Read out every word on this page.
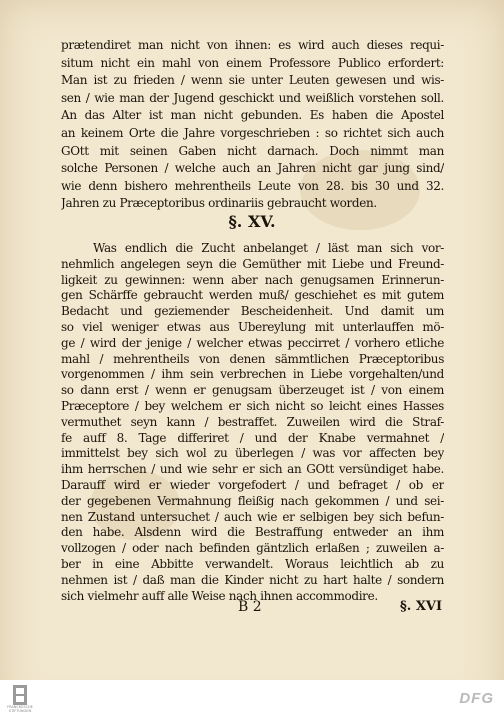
§. XV.
B 2	§. XVI
prætendiret man nicht von ihnen: es wird auch dieses requi-
situm nicht ein mahl von einem Professore Publico erfordert:
Man ist zu frieden / wenn sie unter Leuten gewesen und wis-
sen / wie man der Jugend geschickt und weißlich vorstehen soll.
An das Alter ist man nicht gebunden. Es haben die Apostel
an keinem Orte die Jahre vorgeschrieben : so richtet sich auch
GOtt mit seinen Gaben nicht darnach. Doch nimmt man
solche Personen / welche auch an Jahren nicht gar jung sind/
wie denn bishero mehrentheils Leute von 28. bis 30 und 32.
Jahren zu Præceptoribus ordinariis gebraucht worden.
Was endlich die Zucht anbelanget / läst man sich vor-
nehmlich angelegen seyn die Gemüther mit Liebe und Freund-
ligkeit zu gewinnen: wenn aber nach genugsamen Erinnerun-
gen Schärffe gebraucht werden muß/ geschiehet es mit gutem
Bedacht und geziemender Bescheidenheit. Und damit um
so viel weniger etwas aus Ubereylung mit unterlauffen mö-
ge / wird der jenige / welcher etwas peccirret / vorhero etliche
mahl / mehrentheils von denen sämmtlichen Præceptoribus
vorgenommen / ihm sein verbrechen in Liebe vorgehalten/und
so dann erst / wenn er genugsam überzeuget ist / von einem
Præceptore / bey welchem er sich nicht so leicht eines Hasses
vermuthet seyn kann / bestraffet. Zuweilen wird die Straf-
fe auff 8. Tage differiret / und der Knabe vermahnet /
immittelst bey sich wol zu überlegen / was vor affecten bey
ihm herrschen / und wie sehr er sich an GOtt versündiget habe.
Darauff wird er wieder vorgefodert / und befraget / ob er
der gegebenen Vermahnung fleißig nach gekommen / und sei-
nen Zustand untersuchet / auch wie er selbigen bey sich befun-
den habe. Alsdenn wird die Bestraffung entweder an ihm
vollzogen / oder nach befinden gäntzlich erlaßen ; zuweilen a-
ber in eine Abbitte verwandelt. Woraus leichtlich ab zu
nehmen ist / daß man die Kinder nicht zu hart halte / sondern
sich vielmehr auff alle Weise nach ihnen accommodire.
FRANCKESCHE STIFTUNGEN
DFG
